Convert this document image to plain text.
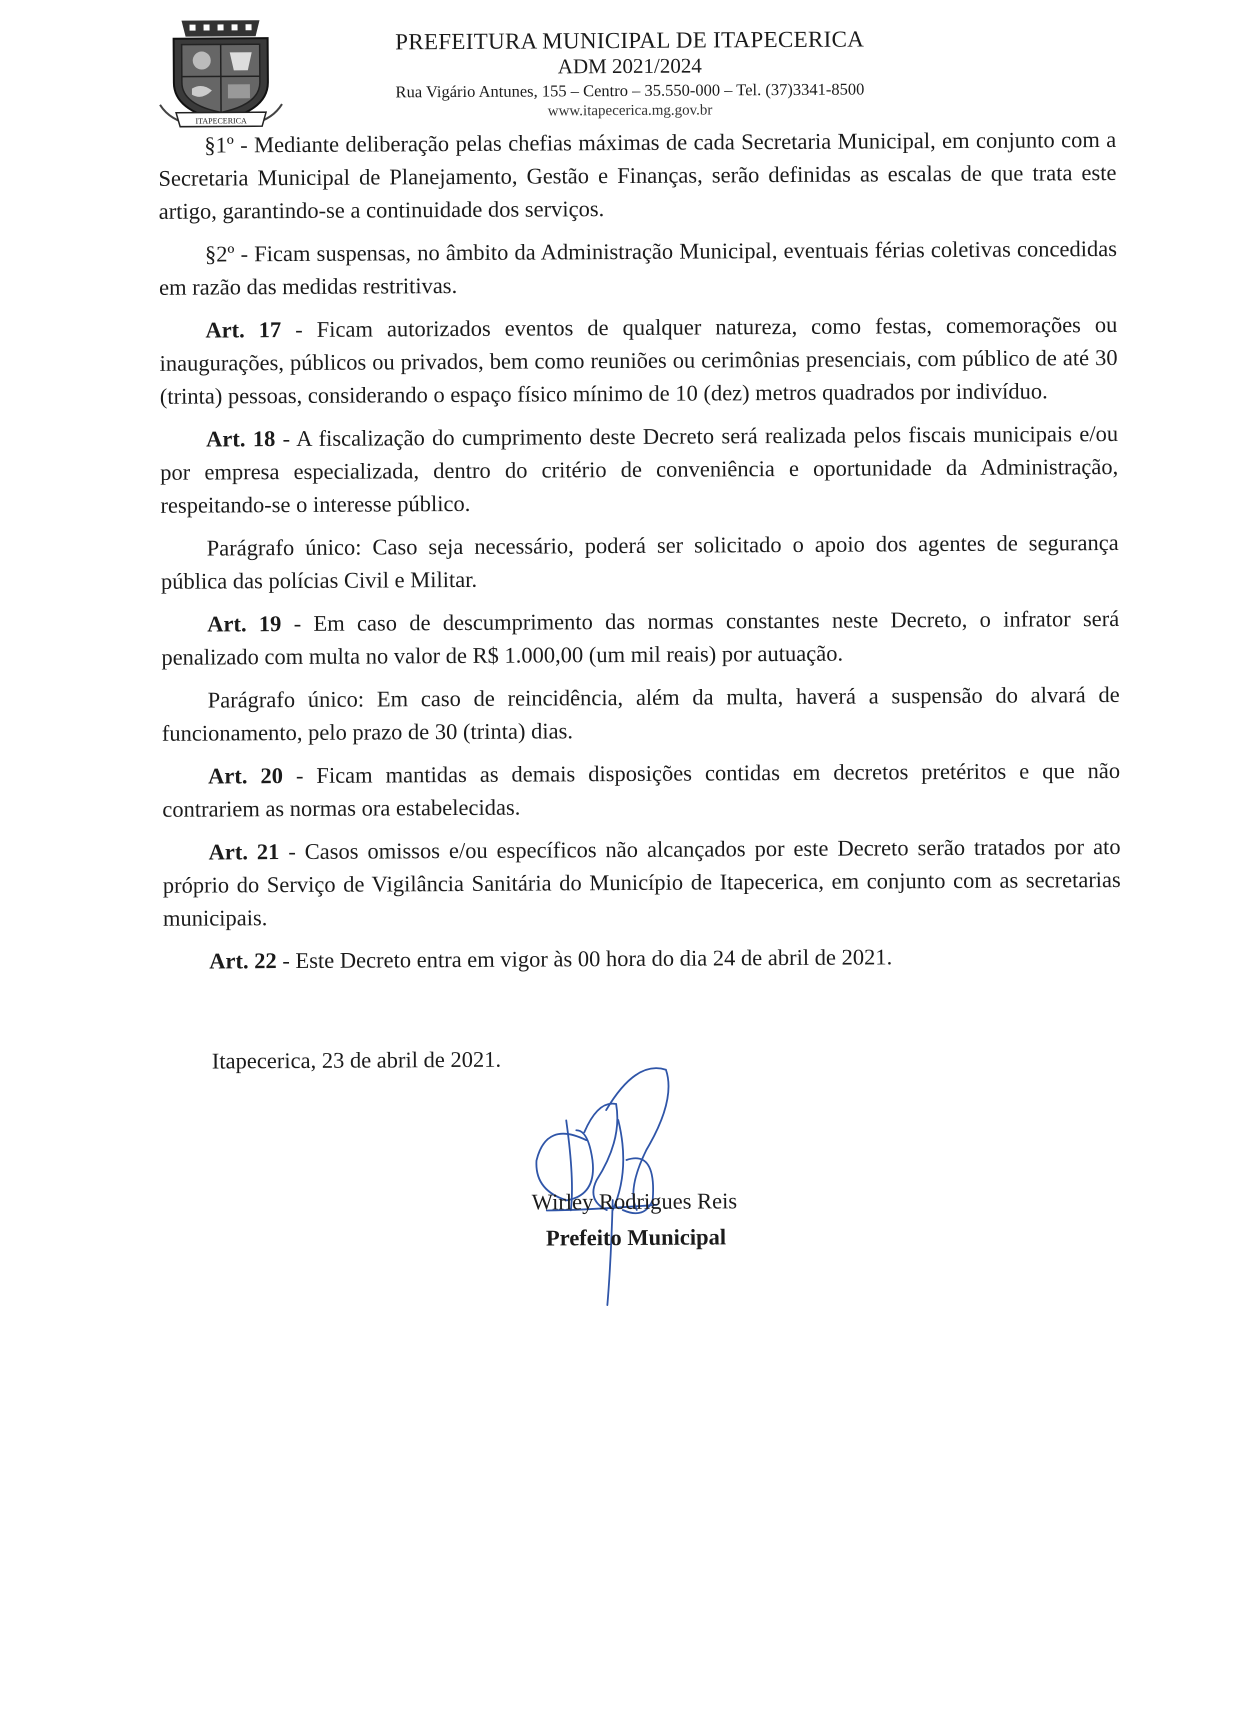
ITAPECERICA
PREFEITURA MUNICIPAL DE ITAPECERICA
ADM 2021/2024
Rua Vigário Antunes, 155 – Centro – 35.550-000 – Tel. (37)3341-8500
www.itapecerica.mg.gov.br

§1º - Mediante deliberação pelas chefias máximas de cada Secretaria Municipal, em conjunto com a Secretaria Municipal de Planejamento, Gestão e Finanças, serão definidas as escalas de que trata este artigo, garantindo-se a continuidade dos serviços.

§2º - Ficam suspensas, no âmbito da Administração Municipal, eventuais férias coletivas concedidas em razão das medidas restritivas.

Art. 17 - Ficam autorizados eventos de qualquer natureza, como festas, comemorações ou inaugurações, públicos ou privados, bem como reuniões ou cerimônias presenciais, com público de até 30 (trinta) pessoas, considerando o espaço físico mínimo de 10 (dez) metros quadrados por indivíduo.

Art. 18 - A fiscalização do cumprimento deste Decreto será realizada pelos fiscais municipais e/ou por empresa especializada, dentro do critério de conveniência e oportunidade da Administração, respeitando-se o interesse público.

Parágrafo único: Caso seja necessário, poderá ser solicitado o apoio dos agentes de segurança pública das polícias Civil e Militar.

Art. 19 - Em caso de descumprimento das normas constantes neste Decreto, o infrator será penalizado com multa no valor de R$ 1.000,00 (um mil reais) por autuação.

Parágrafo único: Em caso de reincidência, além da multa, haverá a suspensão do alvará de funcionamento, pelo prazo de 30 (trinta) dias.

Art. 20 - Ficam mantidas as demais disposições contidas em decretos pretéritos e que não contrariem as normas ora estabelecidas.

Art. 21 - Casos omissos e/ou específicos não alcançados por este Decreto serão tratados por ato próprio do Serviço de Vigilância Sanitária do Município de Itapecerica, em conjunto com as secretarias municipais.

Art. 22 - Este Decreto entra em vigor às 00 hora do dia 24 de abril de 2021.

Itapecerica, 23 de abril de 2021.
Wirley Rodrigues Reis
Prefeito Municipal
